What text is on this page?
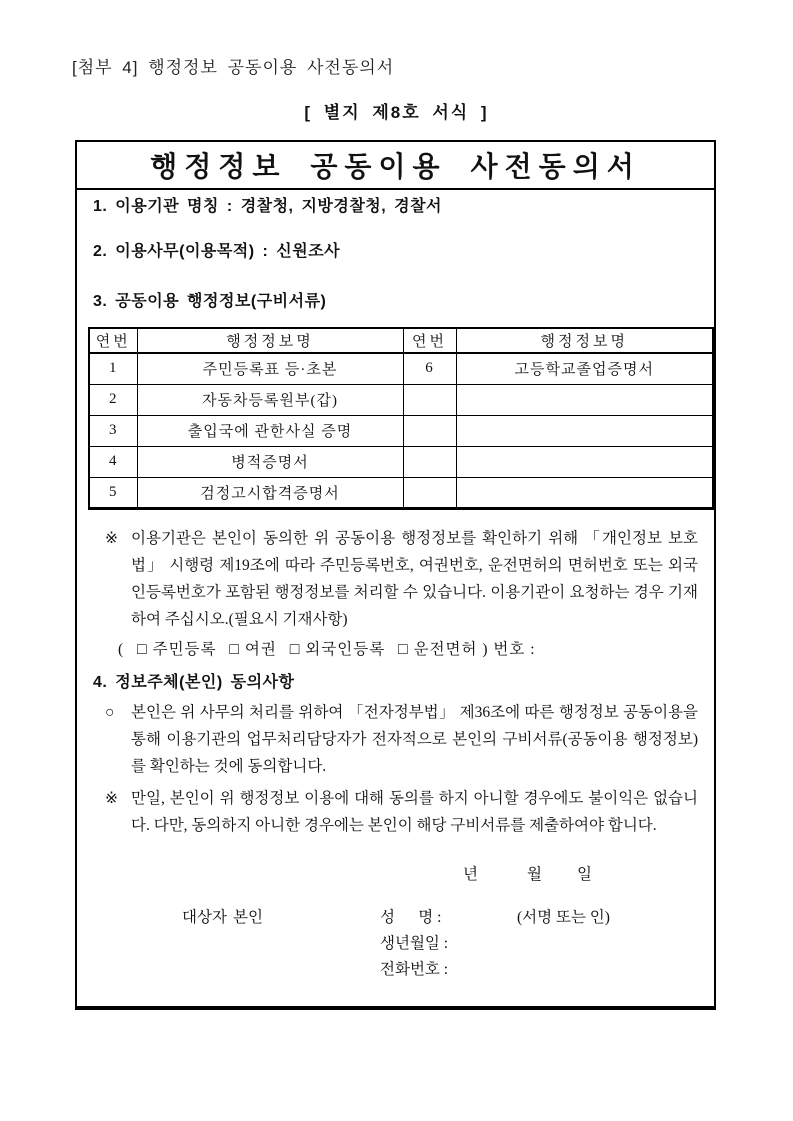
[첨부 4] 행정정보 공동이용 사전동의서
[ 별지 제8호 서식 ]
행정정보 공동이용 사전동의서
1. 이용기관 명칭 : 경찰청, 지방경찰청, 경찰서
2. 이용사무(이용목적) : 신원조사
3. 공동이용 행정정보(구비서류)
연번	행정정보명	연번	행정정보명
1	주민등록표 등·초본	6	고등학교졸업증명서
2	자동차등록원부(갑)		
3	출입국에 관한사실 증명		
4	병적증명서		
5	검정고시합격증명서		
※ 이용기관은 본인이 동의한 위 공동이용 행정정보를 확인하기 위해 「개인정보 보호법」 시행령 제19조에 따라 주민등록번호, 여권번호, 운전면허의 면허번호 또는 외국인등록번호가 포함된 행정정보를 처리할 수 있습니다. 이용기관이 요청하는 경우 기재하여 주십시오.(필요시 기재사항)
( □ 주민등록 □ 여권 □ 외국인등록 □ 운전면허 ) 번호 :
4. 정보주체(본인) 동의사항
○ 본인은 위 사무의 처리를 위하여 「전자정부법」 제36조에 따른 행정정보 공동이용을 통해 이용기관의 업무처리담당자가 전자적으로 본인의 구비서류(공동이용 행정정보)를 확인하는 것에 동의합니다.
※ 만일, 본인이 위 행정정보 이용에 대해 동의를 하지 아니할 경우에도 불이익은 없습니다. 다만, 동의하지 아니한 경우에는 본인이 해당 구비서류를 제출하여야 합니다.
년	월 일
대상자 본인	성      명 :	(서명 또는 인)
생년월일 :
전화번호 :
